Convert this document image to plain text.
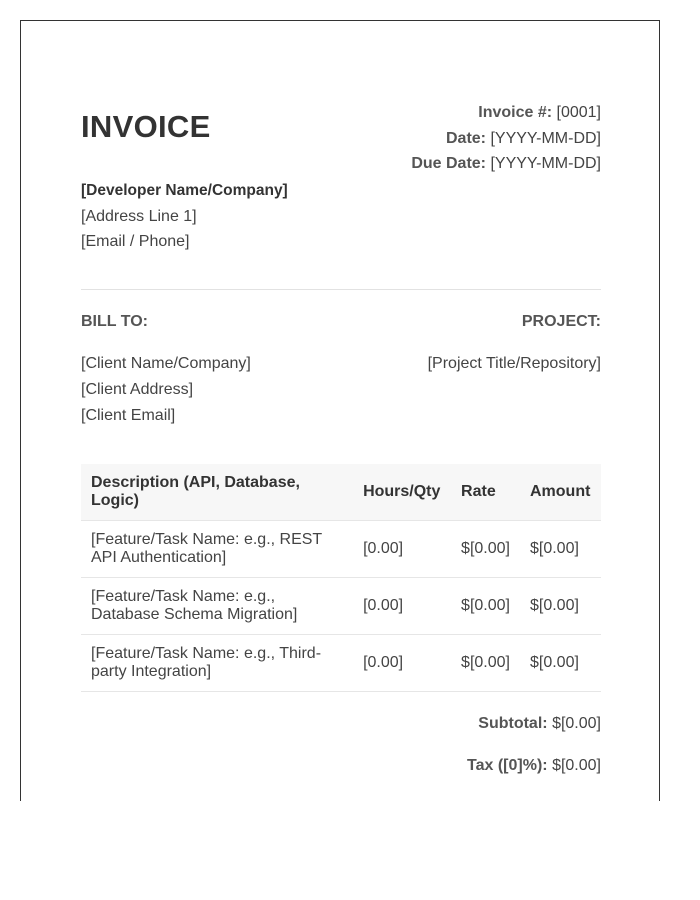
INVOICE	Invoice #: [0001]
Date: [YYYY-MM-DD]
Due Date: [YYYY-MM-DD]
[Developer Name/Company]
[Address Line 1]
[Email / Phone]
BILL TO:	PROJECT:
[Client Name/Company]
[Client Address]
[Client Email]
[Project Title/Repository]
Description (API, Database, Logic)	Hours/Qty	Rate	Amount
[Feature/Task Name: e.g., REST API Authentication]	[0.00]	$[0.00]	$[0.00]
[Feature/Task Name: e.g., Database Schema Migration]	[0.00]	$[0.00]	$[0.00]
[Feature/Task Name: e.g., Third-party Integration]	[0.00]	$[0.00]	$[0.00]
Subtotal: $[0.00]
Tax ([0]%): $[0.00]
